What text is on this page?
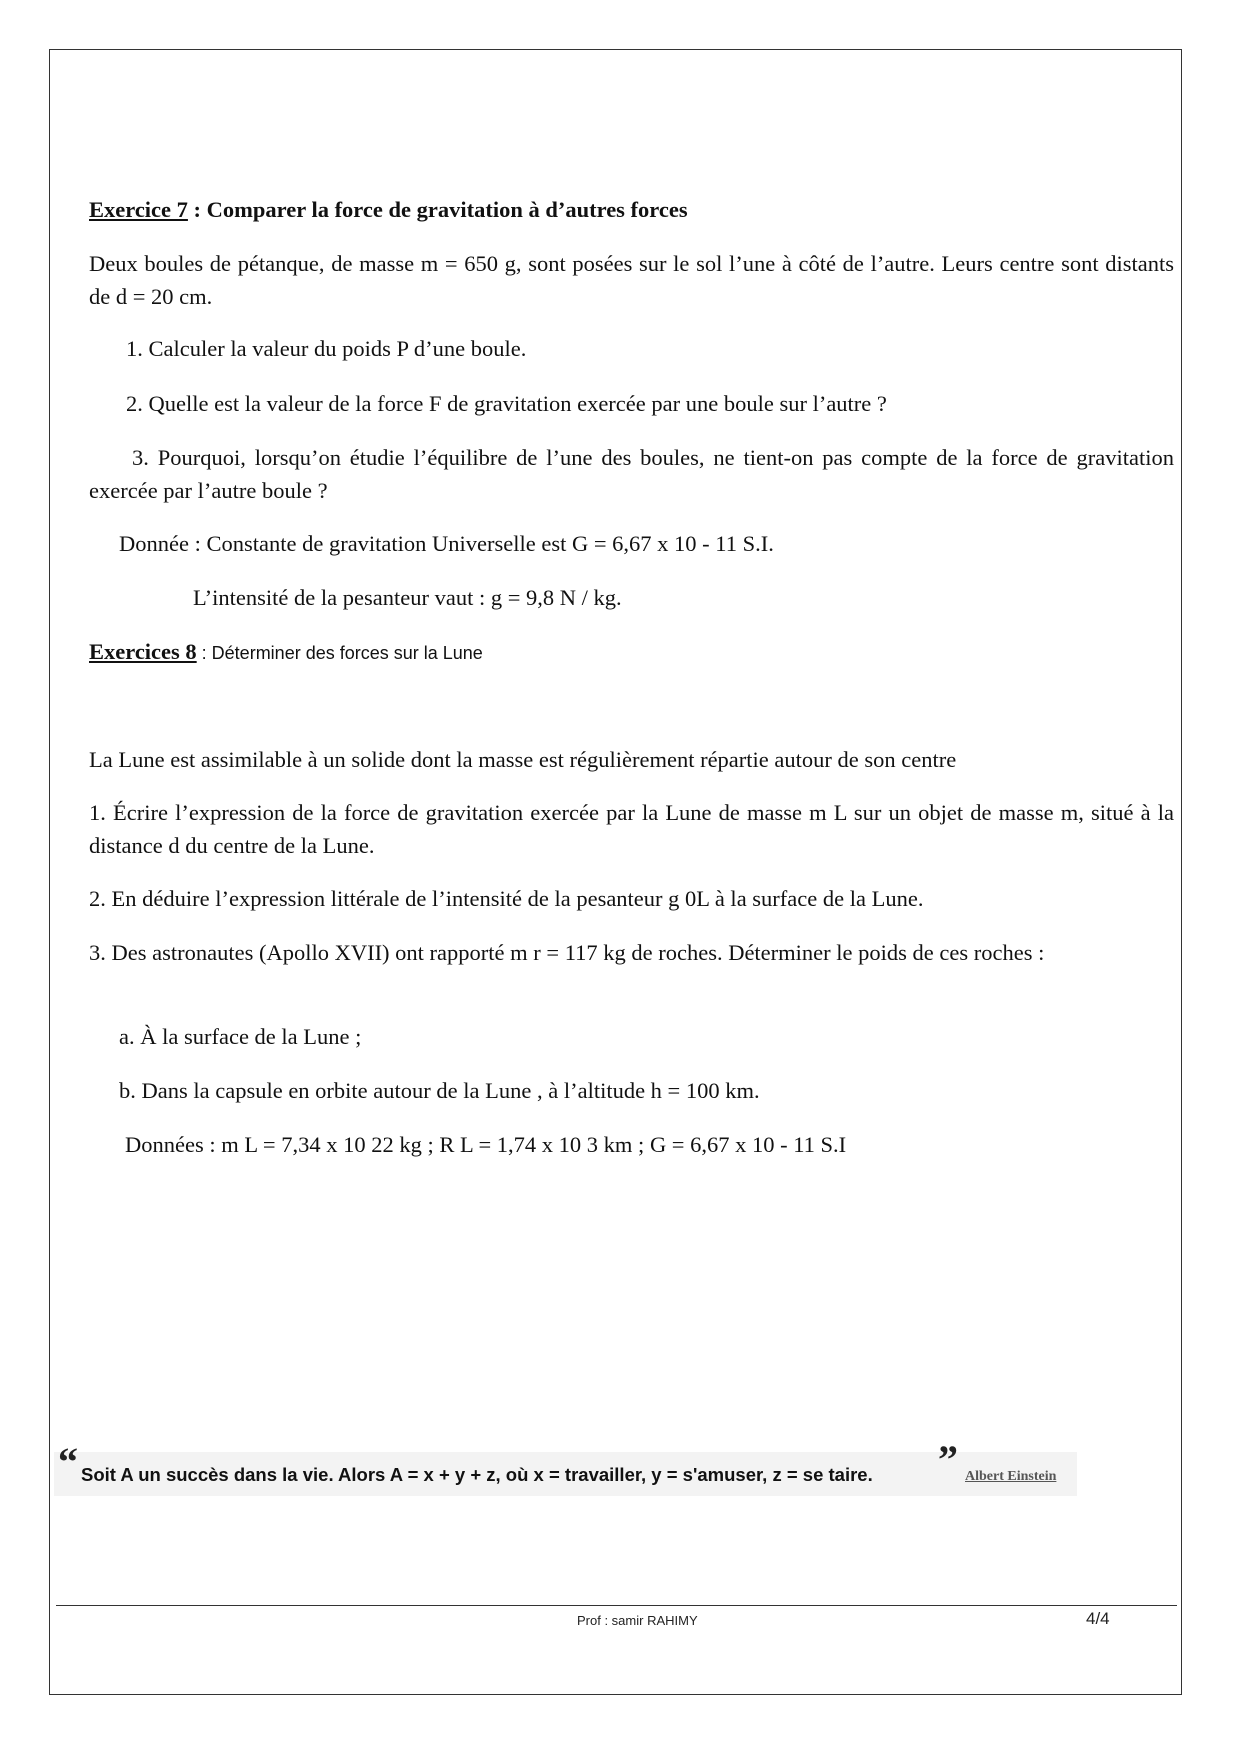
Exercice 7 : Comparer la force de gravitation à d’autres forces
Deux boules de pétanque, de masse m = 650 g, sont posées sur le sol l’une à côté de l’autre. Leurs centre sont distants de d = 20 cm.
1. Calculer la valeur du poids P d’une boule.
2. Quelle est la valeur de la force F de gravitation exercée par une boule sur l’autre ?
3. Pourquoi, lorsqu’on étudie l’équilibre de l’une des boules, ne tient-on pas compte de la force de gravitation exercée par l’autre boule ?
Donnée : Constante de gravitation Universelle est G = 6,67 x 10 - 11 S.I.
L’intensité de la pesanteur vaut : g = 9,8 N / kg.
Exercices 8 : Déterminer des forces sur la Lune
La Lune est assimilable à un solide dont la masse est régulièrement répartie autour de son centre
1. Écrire l’expression de la force de gravitation exercée par la Lune de masse m L sur un objet de masse m, situé à la distance d du centre de la Lune.
2. En déduire l’expression littérale de l’intensité de la pesanteur g 0L à la surface de la Lune.
3. Des astronautes (Apollo XVII) ont rapporté m r = 117 kg de roches. Déterminer le poids de ces roches :
a. À la surface de la Lune ;
b. Dans la capsule en orbite autour de la Lune , à l’altitude h = 100 km.
Données : m L = 7,34 x 10 22 kg ; R L = 1,74 x 10 3 km ; G = 6,67 x 10 - 11 S.I
“ Soit A un succès dans la vie. Alors A = x + y + z, où x = travailler, y = s'amuser, z = se taire. ” Albert Einstein
Prof : samir RAHIMY	4/4
